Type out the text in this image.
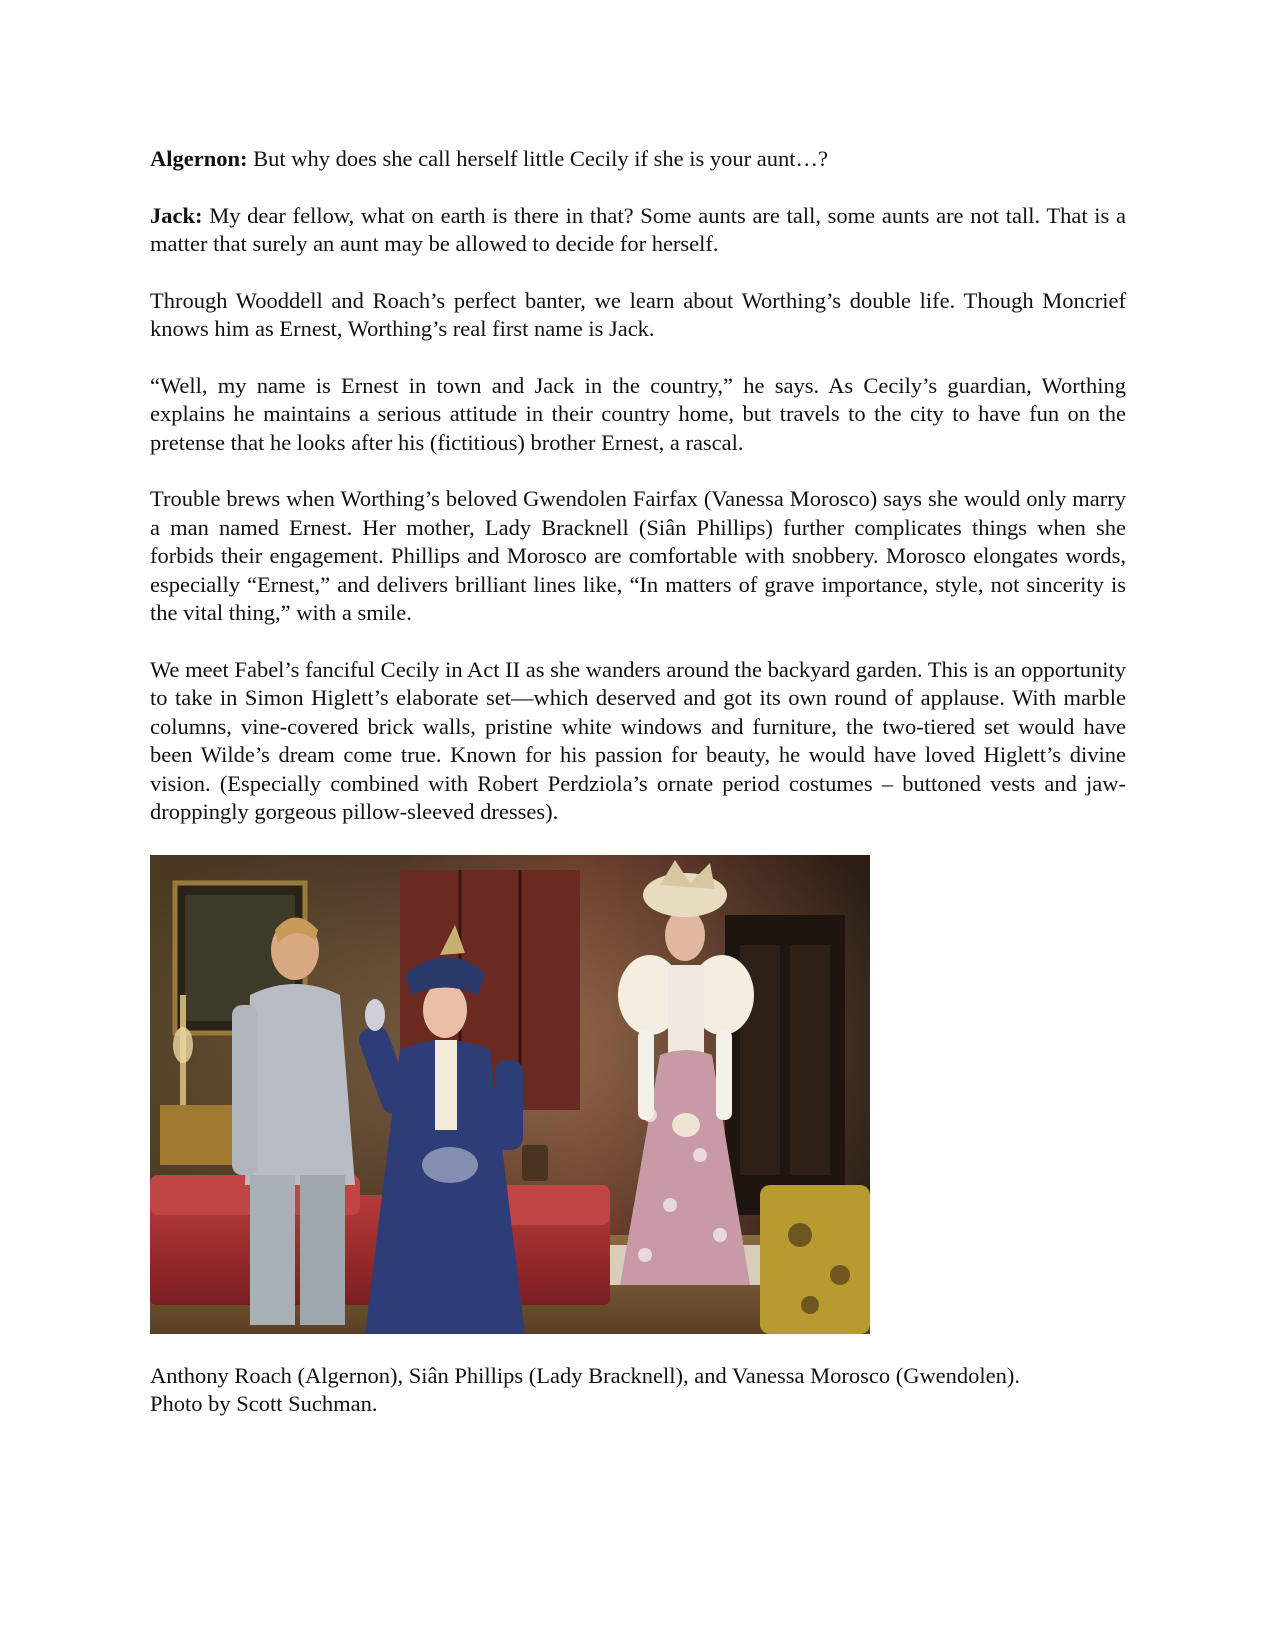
Algernon: But why does she call herself little Cecily if she is your aunt…?

Jack: My dear fellow, what on earth is there in that? Some aunts are tall, some aunts are not tall. That is a matter that surely an aunt may be allowed to decide for herself.

Through Wooddell and Roach’s perfect banter, we learn about Worthing’s double life. Though Moncrief knows him as Ernest, Worthing’s real first name is Jack.

“Well, my name is Ernest in town and Jack in the country,” he says. As Cecily’s guardian, Worthing explains he maintains a serious attitude in their country home, but travels to the city to have fun on the pretense that he looks after his (fictitious) brother Ernest, a rascal.

Trouble brews when Worthing’s beloved Gwendolen Fairfax (Vanessa Morosco) says she would only marry a man named Ernest. Her mother, Lady Bracknell (Siân Phillips) further complicates things when she forbids their engagement. Phillips and Morosco are comfortable with snobbery. Morosco elongates words, especially “Ernest,” and delivers brilliant lines like, “In matters of grave importance, style, not sincerity is the vital thing,” with a smile.

We meet Fabel’s fanciful Cecily in Act II as she wanders around the backyard garden. This is an opportunity to take in Simon Higlett’s elaborate set—which deserved and got its own round of applause. With marble columns, vine-covered brick walls, pristine white windows and furniture, the two-tiered set would have been Wilde’s dream come true. Known for his passion for beauty, he would have loved Higlett’s divine vision. (Especially combined with Robert Perdziola’s ornate period costumes – buttoned vests and jaw-droppingly gorgeous pillow-sleeved dresses).

Anthony Roach (Algernon), Siân Phillips (Lady Bracknell), and Vanessa Morosco (Gwendolen).
Photo by Scott Suchman.
